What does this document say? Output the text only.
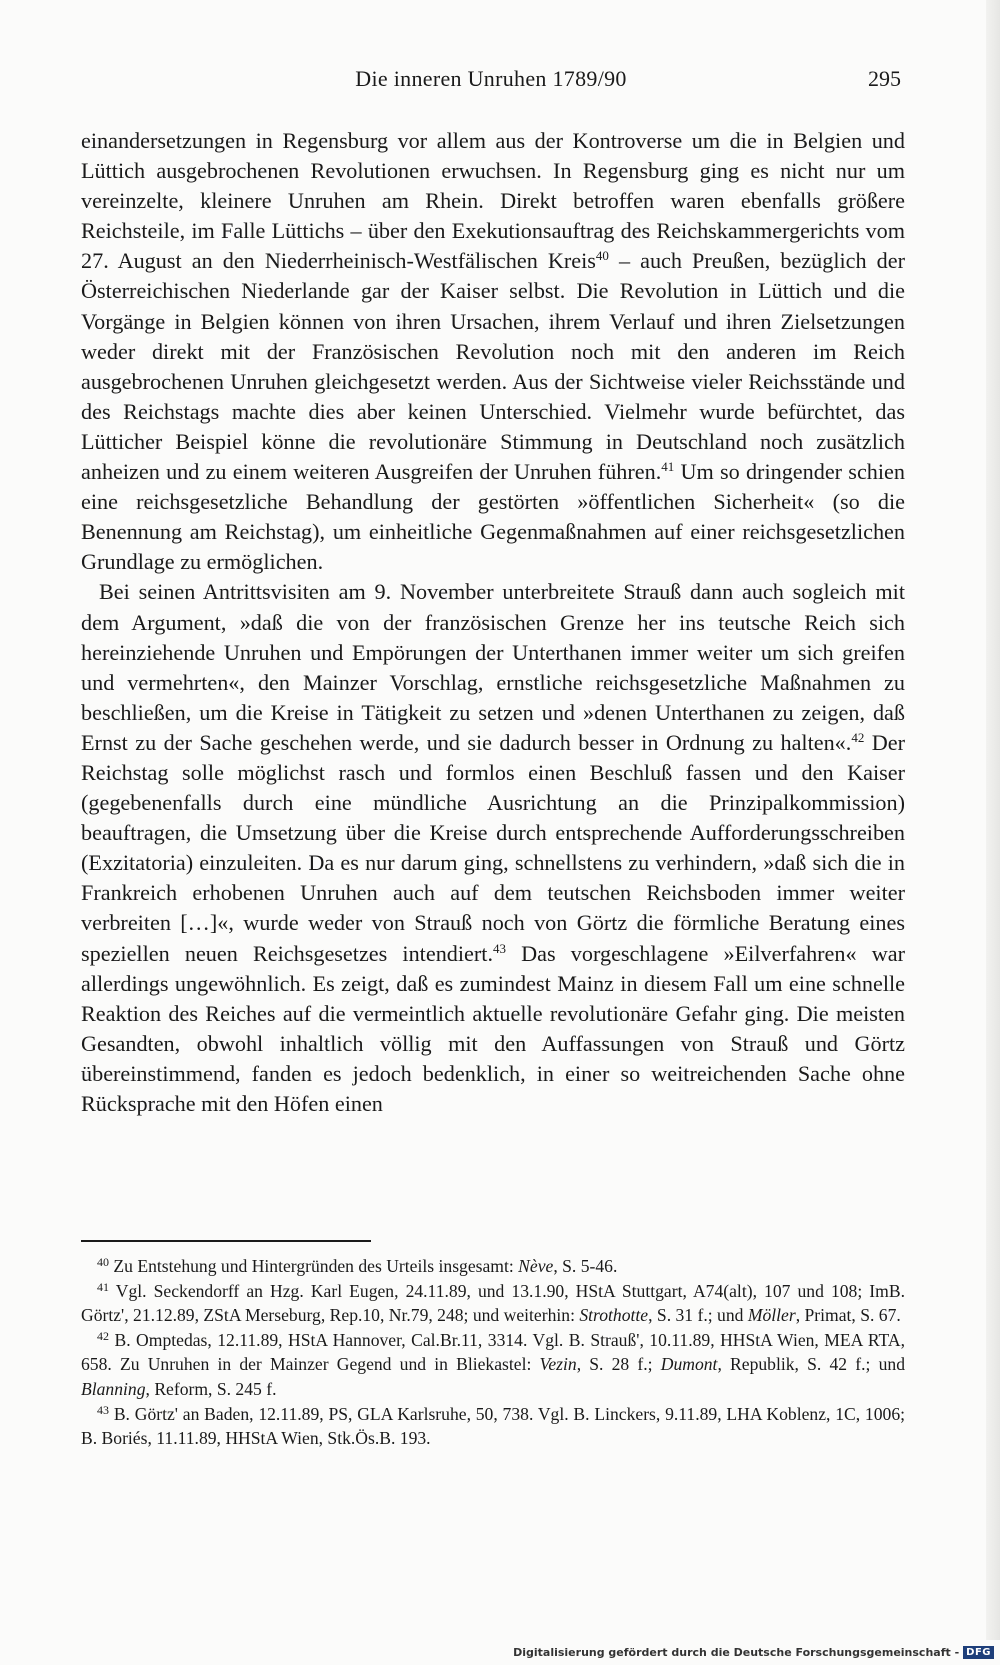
Die inneren Unruhen 1789/90	295

einandersetzungen in Regensburg vor allem aus der Kontroverse um die in Belgien und Lüttich ausgebrochenen Revolutionen erwuchsen. In Regensburg ging es nicht nur um vereinzelte, kleinere Unruhen am Rhein. Direkt betroffen waren ebenfalls größere Reichsteile, im Falle Lüttichs – über den Exekutionsauftrag des Reichskammergerichts vom 27. August an den Niederrheinisch-Westfälischen Kreis$^{40}$ – auch Preußen, bezüglich der Österreichischen Niederlande gar der Kaiser selbst. Die Revolution in Lüttich und die Vorgänge in Belgien können von ihren Ursachen, ihrem Verlauf und ihren Zielsetzungen weder direkt mit der Französischen Revolution noch mit den anderen im Reich ausgebrochenen Unruhen gleichgesetzt werden. Aus der Sichtweise vieler Reichsstände und des Reichstags machte dies aber keinen Unterschied. Vielmehr wurde befürchtet, das Lütticher Beispiel könne die revolutionäre Stimmung in Deutschland noch zusätzlich anheizen und zu einem weiteren Ausgreifen der Unruhen führen.$^{41}$ Um so dringender schien eine reichsgesetzliche Behandlung der gestörten »öffentlichen Sicherheit« (so die Benennung am Reichstag), um einheitliche Gegenmaßnahmen auf einer reichsgesetzlichen Grundlage zu ermöglichen.

Bei seinen Antrittsvisiten am 9. November unterbreitete Strauß dann auch sogleich mit dem Argument, »daß die von der französischen Grenze her ins teutsche Reich sich hereinziehende Unruhen und Empörungen der Unterthanen immer weiter um sich greifen und vermehrten«, den Mainzer Vorschlag, ernstliche reichsgesetzliche Maßnahmen zu beschließen, um die Kreise in Tätigkeit zu setzen und »denen Unterthanen zu zeigen, daß Ernst zu der Sache geschehen werde, und sie dadurch besser in Ordnung zu halten«.$^{42}$ Der Reichstag solle möglichst rasch und formlos einen Beschluß fassen und den Kaiser (gegebenenfalls durch eine mündliche Ausrichtung an die Prinzipalkommission) beauftragen, die Umsetzung über die Kreise durch entsprechende Aufforderungsschreiben (Exzitatoria) einzuleiten. Da es nur darum ging, schnellstens zu verhindern, »daß sich die in Frankreich erhobenen Unruhen auch auf dem teutschen Reichsboden immer weiter verbreiten […]«, wurde weder von Strauß noch von Görtz die förmliche Beratung eines speziellen neuen Reichsgesetzes intendiert.$^{43}$ Das vorgeschlagene »Eilverfahren« war allerdings ungewöhnlich. Es zeigt, daß es zumindest Mainz in diesem Fall um eine schnelle Reaktion des Reiches auf die vermeintlich aktuelle revolutionäre Gefahr ging. Die meisten Gesandten, obwohl inhaltlich völlig mit den Auffassungen von Strauß und Görtz übereinstimmend, fanden es jedoch bedenklich, in einer so weitreichenden Sache ohne Rücksprache mit den Höfen einen

$^{40}$ Zu Entstehung und Hintergründen des Urteils insgesamt: Nève, S. 5-46.

$^{41}$ Vgl. Seckendorff an Hzg. Karl Eugen, 24.11.89, und 13.1.90, HStA Stuttgart, A74(alt), 107 und 108; ImB. Görtz', 21.12.89, ZStA Merseburg, Rep.10, Nr.79, 248; und weiterhin: Strothotte, S. 31 f.; und Möller, Primat, S. 67.

$^{42}$ B. Omptedas, 12.11.89, HStA Hannover, Cal.Br.11, 3314. Vgl. B. Strauß', 10.11.89, HHStA Wien, MEA RTA, 658. Zu Unruhen in der Mainzer Gegend und in Bliekastel: Vezin, S. 28 f.; Dumont, Republik, S. 42 f.; und Blanning, Reform, S. 245 f.

$^{43}$ B. Görtz' an Baden, 12.11.89, PS, GLA Karlsruhe, 50, 738. Vgl. B. Linckers, 9.11.89, LHA Koblenz, 1C, 1006; B. Boriés, 11.11.89, HHStA Wien, Stk.Ös.B. 193.

Digitalisierung gefördert durch die Deutsche Forschungsgemeinschaft - DFG
